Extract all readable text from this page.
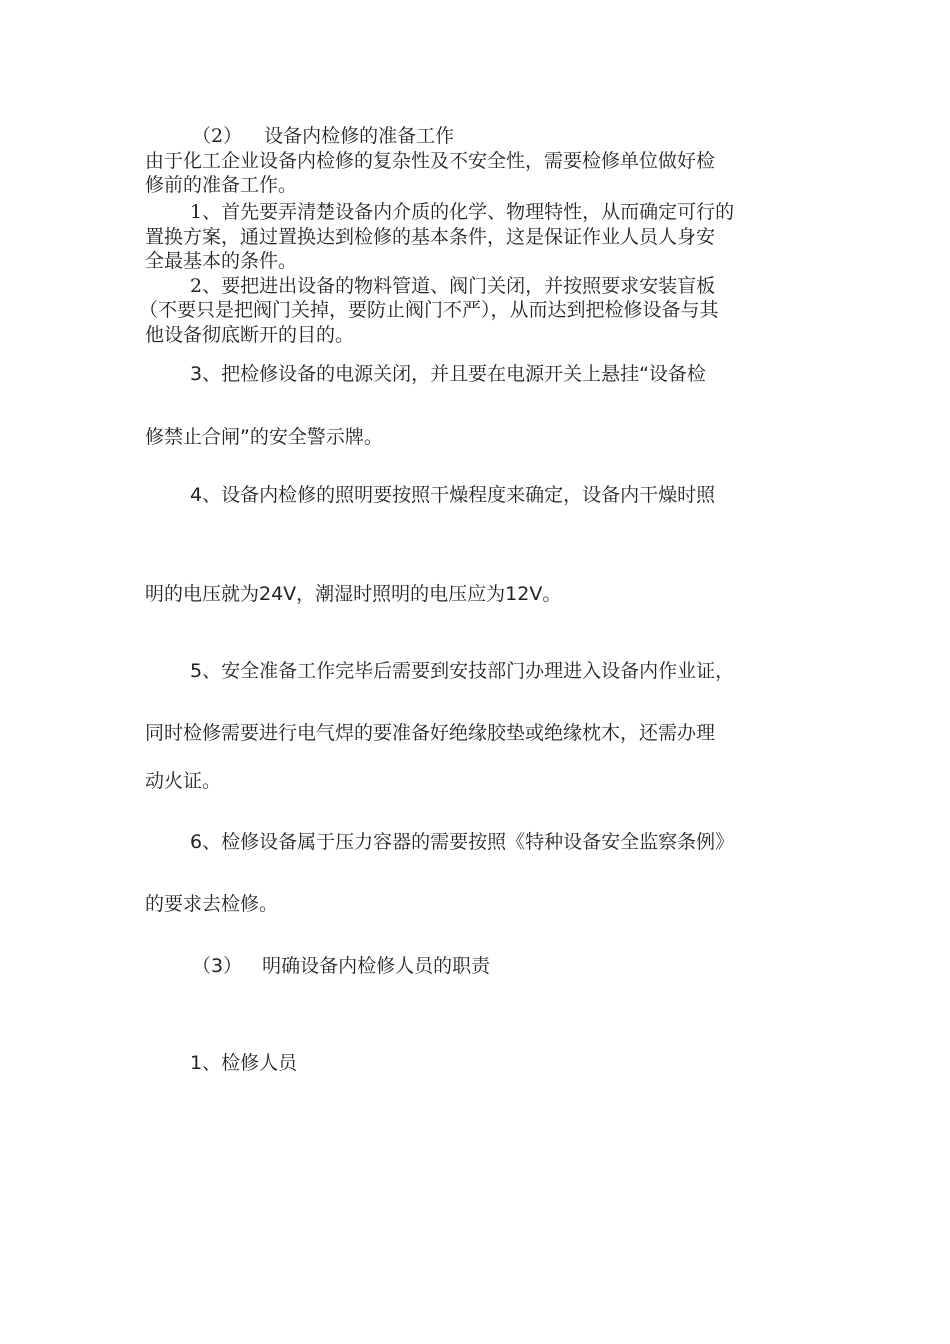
（2） 设备内检修的准备工作
由于化工企业设备内检修的复杂性及不安全性，需要检修单位做好检
修前的准备工作。
1、首先要弄清楚设备内介质的化学、物理特性，从而确定可行的
置换方案，通过置换达到检修的基本条件，这是保证作业人员人身安
全最基本的条件。
2、要把进出设备的物料管道、阀门关闭，并按照要求安装盲板
（不要只是把阀门关掉，要防止阀门不严），从而达到把检修设备与其
他设备彻底断开的目的。
3、把检修设备的电源关闭，并且要在电源开关上悬挂“设备检
修禁止合闸”的安全警示牌。
4、设备内检修的照明要按照干燥程度来确定，设备内干燥时照
明的电压就为24V，潮湿时照明的电压应为12V。
5、安全准备工作完毕后需要到安技部门办理进入设备内作业证，
同时检修需要进行电气焊的要准备好绝缘胶垫或绝缘枕木，还需办理
动火证。
6、检修设备属于压力容器的需要按照《特种设备安全监察条例》
的要求去检修。
（3） 明确设备内检修人员的职责
1、检修人员
